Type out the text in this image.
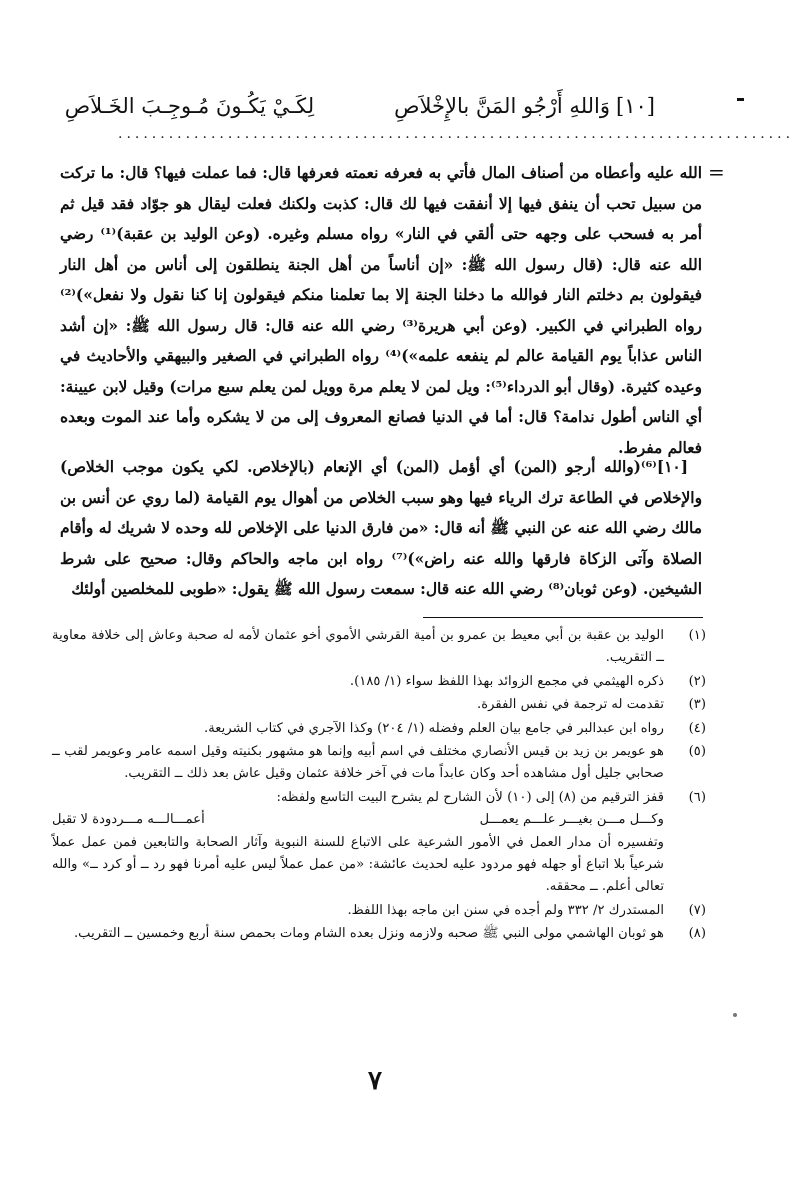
[١٠]
وَاللهِ أَرْجُو المَنَّ بالإِخْلاَصِ
لِكَـيْ يَكُـونَ مُـوجِـبَ الخَـلاَصِ
................................................................................
=

الله عليه وأعطاه من أصناف المال فأتي به فعرفه نعمته فعرفها قال: فما عملت فيها؟ قال: ما تركت من سبيل تحب أن ينفق فيها إلا أنفقت فيها لك قال: كذبت ولكنك فعلت ليقال هو جوّاد فقد قيل ثم أمر به فسحب على وجهه حتى ألقي في النار» رواه مسلم وغيره. (وعن الوليد بن عقبة)⁽¹⁾ رضي الله عنه قال: (قال رسول الله ﷺ: «إن أناساً من أهل الجنة ينطلقون إلى أناس من أهل النار فيقولون بم دخلتم النار فوالله ما دخلنا الجنة إلا بما تعلمنا منكم فيقولون إنا كنا نقول ولا نفعل»)⁽²⁾ رواه الطبراني في الكبير. (وعن أبي هريرة⁽³⁾ رضي الله عنه قال: قال رسول الله ﷺ: «إن أشد الناس عذاباً يوم القيامة عالم لم ينفعه علمه»)⁽⁴⁾ رواه الطبراني في الصغير والبيهقي والأحاديث في وعيده كثيرة. (وقال أبو الدرداء⁽⁵⁾: ويل لمن لا يعلم مرة وويل لمن يعلم سبع مرات) وقيل لابن عيينة: أي الناس أطول ندامة؟ قال: أما في الدنيا فصانع المعروف إلى من لا يشكره وأما عند الموت وبعده فعالم مفرط.

[١٠]⁽⁶⁾(والله أرجو (المن) أي أؤمل (المن) أي الإنعام (بالإخلاص. لكي يكون موجب الخلاص) والإخلاص في الطاعة ترك الرياء فيها وهو سبب الخلاص من أهوال يوم القيامة (لما روي عن أنس بن مالك رضي الله عنه عن النبي ﷺ أنه قال: «من فارق الدنيا على الإخلاص لله وحده لا شريك له وأقام الصلاة وآتى الزكاة فارقها والله عنه راض»)⁽⁷⁾ رواه ابن ماجه والحاكم وقال: صحيح على شرط الشيخين. (وعن ثوبان⁽⁸⁾ رضي الله عنه قال: سمعت رسول الله ﷺ يقول: «طوبى للمخلصين أولئك

(١)

الوليد بن عقبة بن أبي معيط بن عمرو بن أمية القرشي الأموي أخو عثمان لأمه له صحبة وعاش إلى خلافة معاوية ــ التقريب.

(٢)

ذكره الهيثمي في مجمع الزوائد بهذا اللفظ سواء (١/ ١٨٥).

(٣)

تقدمت له ترجمة في نفس الفقرة.

(٤)

رواه ابن عبدالبر في جامع بيان العلم وفضله (١/ ٢٠٤) وكذا الآجري في كتاب الشريعة.

(٥)

هو عويمر بن زيد بن قيس الأنصاري مختلف في اسم أبيه وإنما هو مشهور بكنيته وقيل اسمه عامر وعويمر لقب ــ صحابي جليل أول مشاهده أحد وكان عابداً مات في آخر خلافة عثمان وقيل عاش بعد ذلك ــ التقريب.

(٦)

قفز الترقيم من (٨) إلى (١٠) لأن الشارح لم يشرح البيت التاسع ولفظه:

وكـــل مـــن بغيـــر علـــم يعمـــل
أعمـــالـــه مـــردودة لا تقبل

وتفسيره أن مدار العمل في الأمور الشرعية على الاتباع للسنة النبوية وآثار الصحابة والتابعين فمن عمل عملاً شرعياً بلا اتباع أو جهله فهو مردود عليه لحديث عائشة: «من عمل عملاً ليس عليه أمرنا فهو رد ــ أو كرد ــ» والله تعالى أعلم. ــ محققه.

(٧)

المستدرك ٢/ ٣٣٢ ولم أجده في سنن ابن ماجه بهذا اللفظ.

(٨)

هو ثوبان الهاشمي مولى النبي ﷺ صحبه ولازمه ونزل بعده الشام ومات بحمص سنة أربع وخمسين ــ التقريب.

٧
